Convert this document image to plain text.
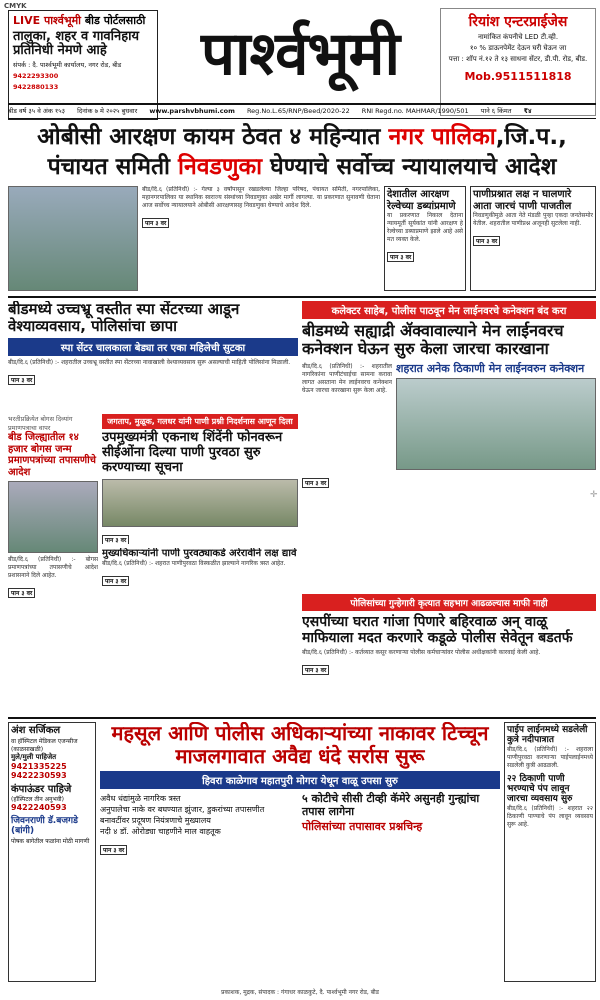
CMYK
✛
LIVE पार्श्वभूमी बीड पोर्टलसाठी
तालुका, शहर व गावनिहाय प्रतिनिधी नेमणे आहे
संपर्क : दै. पार्श्वभूमी कार्यालय, नगर रोड, बीड
9422293300
9422880133	पार्श्वभूमी	रियांश एन्टरप्राईजेस
नामांकित कंपनीचे LED टी.व्ही.
१० % डाऊनपेमेंट देऊन घरी घेऊन जा
पत्ता : शॉप नं.१२ ते १३ साधना सेंटर, डी.पी. रोड, बीड.
Mob.9511511818
बीड वर्ष ३५ वे अंक १५३ दिनांक ७ मे २०२५ बुधवार www.parshvbhumi.com Reg.No.L.65/RNP/Beed/2020-22 RNI Regd.no. MAHMAR/1990/501 पाने ६ किंमत ₹४
ओबीसी आरक्षण कायम ठेवत ४ महिन्यात नगर पालिका,जि.प.,
पंचायत समिती निवडणुका घेण्याचे सर्वोच्च न्यायालयाचे आदेश
बीड/दि.६ (प्रतिनिधी) :- गेल्या ३ वर्षांपासून रखडलेल्या जिल्हा परिषद, पंचायत समिती, नगरपालिका, महानगरपालिका या स्थानिक स्वराज्य संस्थांच्या निवडणुका अखेर मार्गी लागल्या. या प्रकरणात सुनावणी घेताना आज सर्वोच्च न्यायालयाने ओबीसी आरक्षणासह निवडणुका घेण्याचे आदेश दिले.
पान ३ वर
देशातील आरक्षण रेल्वेच्या डब्यांप्रमाणे
या प्रकरणात निकाल देताना न्यायमूर्ती सूर्यकांत यांनी आरक्षण हे रेल्वेच्या डब्याप्रमाणे झाले आहे असे मत व्यक्त केले.
पान ३ वर
पाणीप्रश्नात लक्ष न घालणारे आता जारचं पाणी पाजतील
निवडणुकीमुळे आता नेते मंडळी पुन्हा एकदा जनतेसमोर येतील. शहरातील पाणीप्रश्न अजूनही सुटलेला नाही.
पान ३ वर
बीडमध्ये उच्चभ्रू वस्तीत स्पा सेंटरच्या आडून वेश्याव्यवसाय, पोलिसांचा छापा
स्पा सेंटर चालकाला बेड्या तर एका महिलेची सुटका
बीड/दि.६ (प्रतिनिधी) :- शहरातील उच्चभ्रू वस्तीत स्पा सेंटरच्या नावाखाली वेश्याव्यवसाय सुरू असल्याची माहिती पोलिसांना मिळाली.
पान ३ वर
कलेक्टर साहेब, पोलीस पाठवून मेन लाईनवरचे कनेक्शन बंद करा
बीडमध्ये सह्याद्री ॲक्वावाल्याने मेन लाईनवरच कनेक्शन घेऊन सुरु केला जारचा कारखाना
बीड/दि.६ (प्रतिनिधी) :- शहरातील नागरिकांना पाणीटंचाईचा सामना करावा लागत असताना मेन लाईनवरच कनेक्शन घेऊन जारचा कारखाना सुरू केला आहे.
शहरात अनेक ठिकाणी मेन लाईनवरुन कनेक्शन
पान ३ वर
भरतीप्रक्रियेत बोगस दिव्यांग प्रमाणपत्राचा वापर
बीड जिल्ह्यातील १४ हजार बोगस जन्म प्रमाणपत्रांच्या तपासणीचे आदेश
बीड/दि.६ (प्रतिनिधी) :- बोगस प्रमाणपत्रांच्या तपासणीचे आदेश प्रशासनाने दिले आहेत.
पान ३ वर
जगताप, मुळूक, गलधर यांनी पाणी प्रश्नी निदर्शनास आणून दिला
उपमुख्यमंत्री एकनाथ शिंदेंनी फोनवरून सीईओंना दिल्या पाणी पुरवठा सुरु करण्याच्या सूचना
पान ३ वर
मुख्यधिकाऱ्यांनी पाणी पुरवठ्याकडे अरेरावीने लक्ष द्यावे
बीड/दि.६ (प्रतिनिधी) :- शहरात पाणीपुरवठा विस्कळीत झाल्याने नागरिक त्रस्त आहेत.
पान ३ वर
पोलिसांच्या गुन्हेगारी कृत्यात सहभाग आढळल्यास माफी नाही
एसपींच्या घरात गांजा पिणारे बहिरवाळ अन् वाळू माफियाला मदत करणारे कडूळे पोलीस सेवेतून बडतर्फ
बीड/दि.६ (प्रतिनिधी) :- कर्तव्यात कसूर करणाऱ्या पोलीस कर्मचाऱ्यांवर पोलीस अधीक्षकांनी कारवाई केली आहे.
पान ३ वर
महसूल आणि पोलीस अधिकाऱ्यांच्या नाकावर टिच्चून माजलगावात अवैद्य धंदे सर्रास सुरू
हिवरा काळेगाव महातपुरी मोगरा येथून वाळू उपसा सुरु
अवैध धंद्यांमुळे नागरिक त्रस्त
अनुपालेचा नाके वर बघण्यात झुंजार, डुकरांच्या तपासणीत
बनावटींवर प्रदूषण नियंत्रणाचे मुख्यालय
नदी ४ डॉ. ओरोड्या चाहणीने माल वाहतूक
५ कोटीचे सीसी टीव्ही कॅमेरे असुनही गुन्ह्यांचा तपास लागेना
पोलिसांच्या तपासावर प्रश्नचिन्ह
पान ३ वर
अंश सर्जिकल
वा हॉस्पिटल मेडिकल एजन्सीज (काळसाखळी)
मुले/मुली पाहिजेत
9421335225
9422230593
कंपाऊंडर पाहिजे
(हॉस्पिटल तीन अनुभवी)
9422240593
जिवनराणी डॅ.बजगडे (बांगी)
पोषक बागेतील फळांना मोठी मागणी
पाईप लाईनमध्ये सडलेली कुत्रे नदीपात्रात
बीड/दि.६ (प्रतिनिधी) :- शहराला पाणीपुरवठा करणाऱ्या पाईपलाईनमध्ये सडलेली कुत्री आढळली.
२२ ठिकाणी पाणी भरण्याचे पंप लावून जारचा व्यवसाय सुरु
बीड/दि.६ (प्रतिनिधी) :- शहरात २२ ठिकाणी पाण्याचे पंप लावून व्यवसाय सुरू आहे.
प्रकाशक, मुद्रक, संपादक : गंगाधर काळकुटे, दै. पार्श्वभूमी नगर रोड, बीड
